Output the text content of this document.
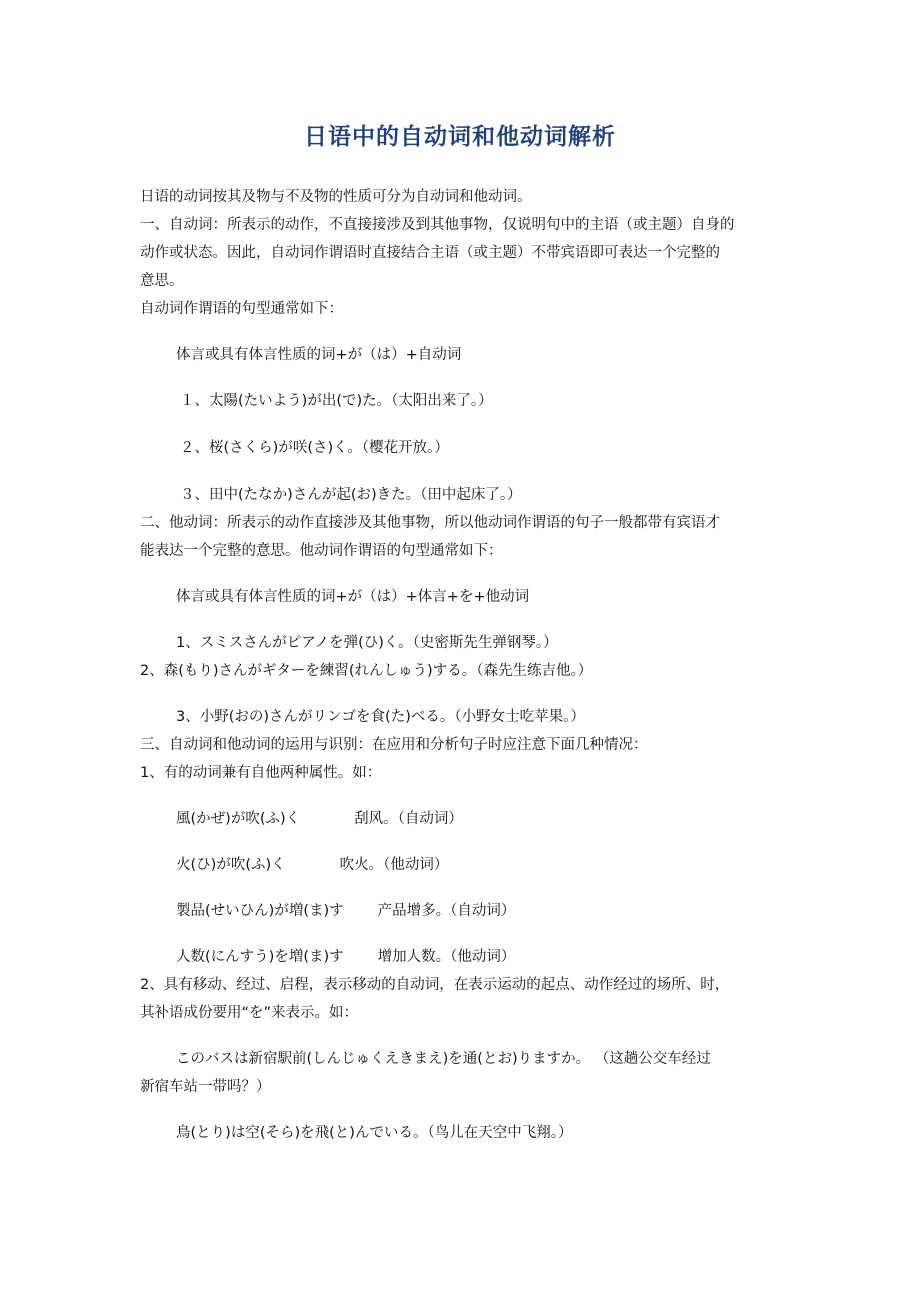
日语中的自动词和他动词解析
日语的动词按其及物与不及物的性质可分为自动词和他动词。
一、自动词：所表示的动作，不直接接涉及到其他事物，仅说明句中的主语（或主题）自身的
动作或状态。因此，自动词作谓语时直接结合主语（或主题）不带宾语即可表达一个完整的
意思。
自动词作谓语的句型通常如下：
体言或具有体言性质的词+が（は）+自动词
１、太陽(たいよう)が出(で)た。（太阳出来了。）
２、桜(さくら)が咲(さ)く。（樱花开放。）
３、田中(たなか)さんが起(お)きた。（田中起床了。）
二、他动词：所表示的动作直接涉及其他事物，所以他动词作谓语的句子一般都带有宾语才
能表达一个完整的意思。他动词作谓语的句型通常如下：
体言或具有体言性质的词+が（は）+体言+を+他动词
1、スミスさんがピアノを弾(ひ)く。（史密斯先生弹钢琴。）
2、森(もり)さんがギターを練習(れんしゅう)する。（森先生练吉他。）
3、小野(おの)さんがリンゴを食(た)べる。（小野女士吃苹果。）
三、自动词和他动词的运用与识别：在应用和分析句子时应注意下面几种情况：
1、有的动词兼有自他两种属性。如：
風(かぜ)が吹(ふ)く	刮风。（自动词）
火(ひ)が吹(ふ)く	吹火。（他动词）
製品(せいひん)が増(ま)す 产品增多。（自动词）
人数(にんすう)を増(ま)す 增加人数。（他动词）
2、具有移动、经过、启程，表示移动的自动词，在表示运动的起点、动作经过的场所、时，
其补语成份要用“を”来表示。如：
このバスは新宿駅前(しんじゅくえきまえ)を通(とお)りますか。 （这趟公交车经过
新宿车站一带吗？）
鳥(とり)は空(そら)を飛(と)んでいる。（鸟儿在天空中飞翔。）
